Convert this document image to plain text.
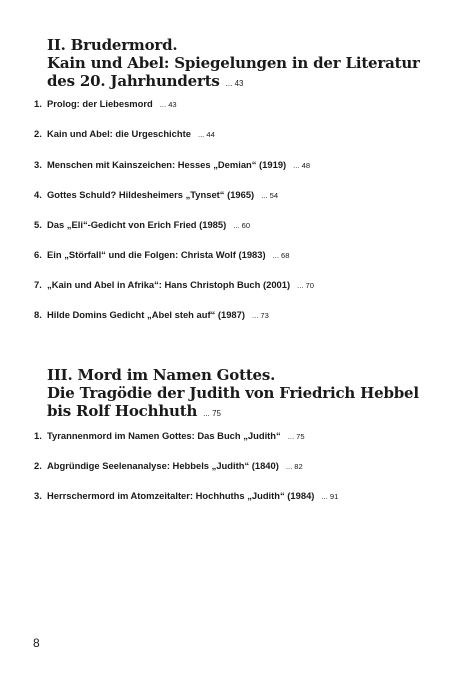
II. Brudermord.
Kain und Abel: Spiegelungen in der Literatur
des 20. Jahrhunderts ... 43
1. Prolog: der Liebesmord ... 43
2. Kain und Abel: die Urgeschichte ... 44
3. Menschen mit Kainszeichen: Hesses „Demian“ (1919) ... 48
4. Gottes Schuld? Hildesheimers „Tynset“ (1965) ... 54
5. Das „Eli“-Gedicht von Erich Fried (1985) ... 60
6. Ein „Störfall“ und die Folgen: Christa Wolf (1983) ... 68
7. „Kain und Abel in Afrika“: Hans Christoph Buch (2001) ... 70
8. Hilde Domins Gedicht „Abel steh auf“ (1987) ... 73
III. Mord im Namen Gottes.
Die Tragödie der Judith von Friedrich Hebbel
bis Rolf Hochhuth ... 75
1. Tyrannenmord im Namen Gottes: Das Buch „Judith“ ... 75
2. Abgründige Seelenanalyse: Hebbels „Judith“ (1840) ... 82
3. Herrschermord im Atomzeitalter: Hochhuths „Judith“ (1984) ... 91
8
